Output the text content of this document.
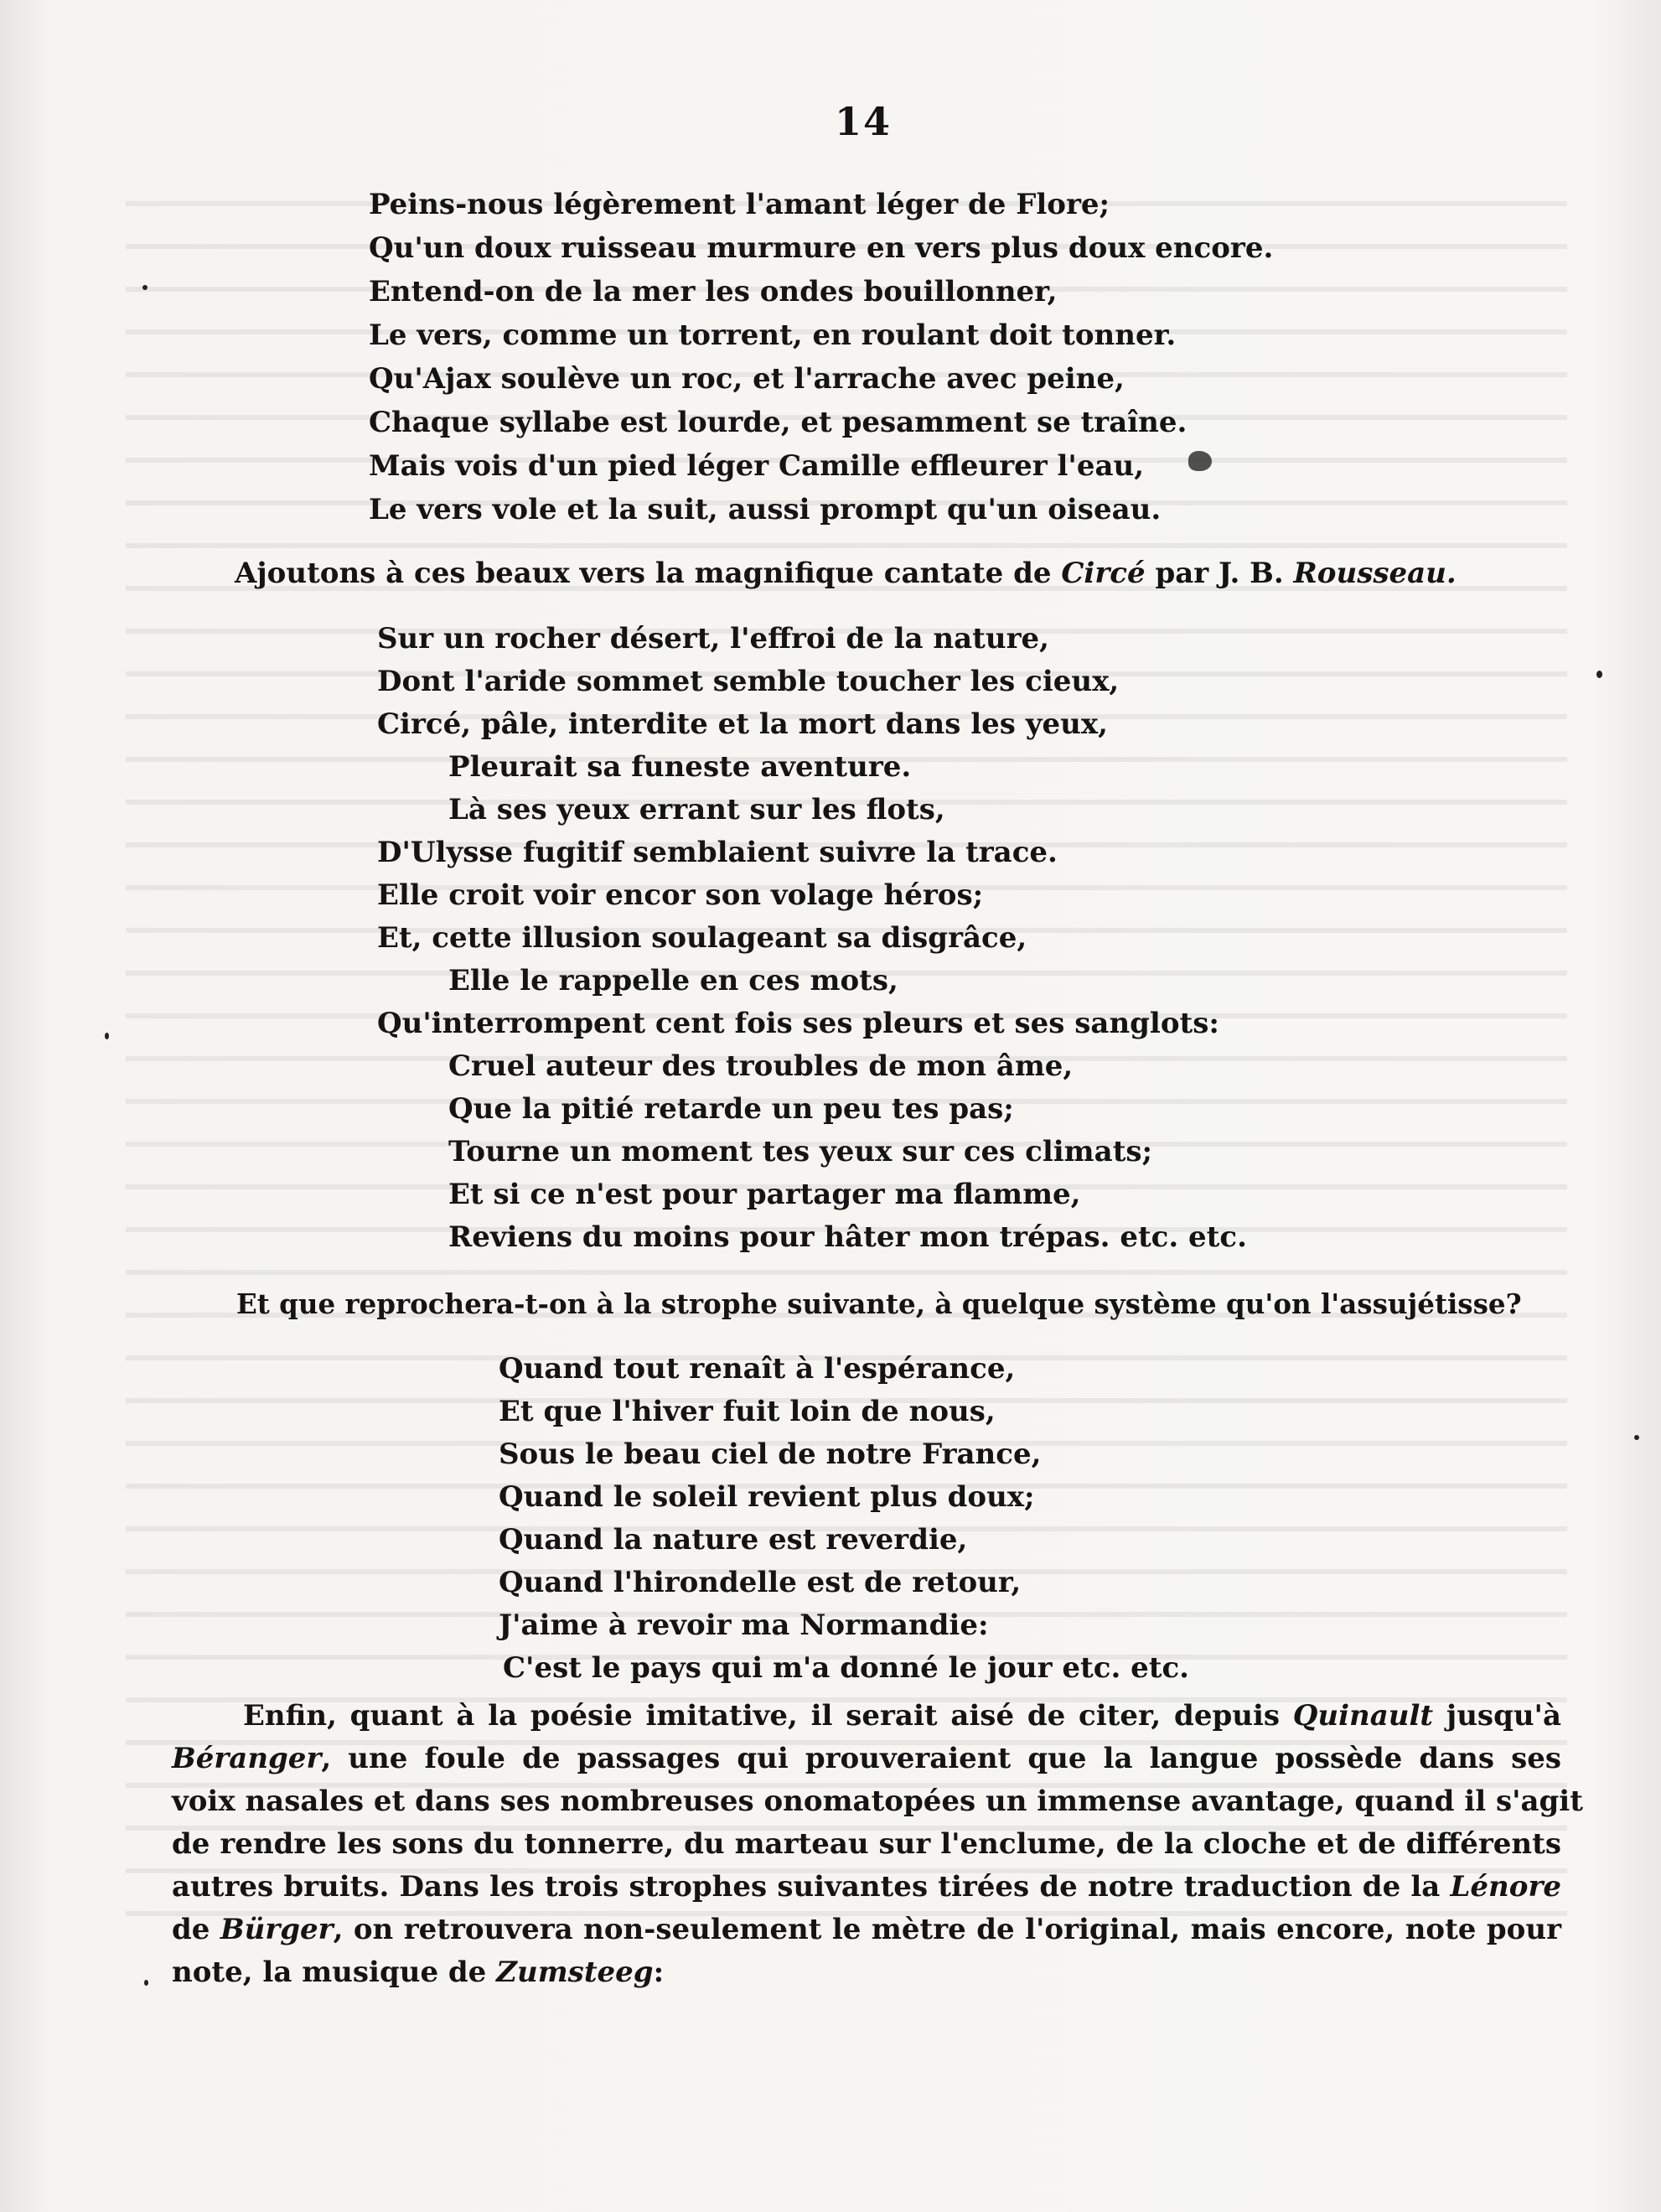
14
Peins-nous légèrement l'amant léger de Flore;
Qu'un doux ruisseau murmure en vers plus doux encore.
Entend-on de la mer les ondes bouillonner,
Le vers, comme un torrent, en roulant doit tonner.
Qu'Ajax soulève un roc, et l'arrache avec peine,
Chaque syllabe est lourde, et pesamment se traîne.
Mais vois d'un pied léger Camille effleurer l'eau,
Le vers vole et la suit, aussi prompt qu'un oiseau.
Ajoutons à ces beaux vers la magnifique cantate de Circé par J. B. Rousseau.
Sur un rocher désert, l'effroi de la nature,
Dont l'aride sommet semble toucher les cieux,
Circé, pâle, interdite et la mort dans les yeux,
Pleurait sa funeste aventure.
Là ses yeux errant sur les flots,
D'Ulysse fugitif semblaient suivre la trace.
Elle croit voir encor son volage héros;
Et, cette illusion soulageant sa disgrâce,
Elle le rappelle en ces mots,
Qu'interrompent cent fois ses pleurs et ses sanglots:
Cruel auteur des troubles de mon âme,
Que la pitié retarde un peu tes pas;
Tourne un moment tes yeux sur ces climats;
Et si ce n'est pour partager ma flamme,
Reviens du moins pour hâter mon trépas. etc. etc.
Et que reprochera-t-on à la strophe suivante, à quelque système qu'on l'assujétisse?
Quand tout renaît à l'espérance,
Et que l'hiver fuit loin de nous,
Sous le beau ciel de notre France,
Quand le soleil revient plus doux;
Quand la nature est reverdie,
Quand l'hirondelle est de retour,
J'aime à revoir ma Normandie:
C'est le pays qui m'a donné le jour etc. etc.
Enfin, quant à la poésie imitative, il serait aisé de citer, depuis Quinault jusqu'à
Béranger, une foule de passages qui prouveraient que la langue possède dans ses
voix nasales et dans ses nombreuses onomatopées un immense avantage, quand il s'agit
de rendre les sons du tonnerre, du marteau sur l'enclume, de la cloche et de différents
autres bruits. Dans les trois strophes suivantes tirées de notre traduction de la Lénore
de Bürger, on retrouvera non-seulement le mètre de l'original, mais encore, note pour
note, la musique de Zumsteeg:
